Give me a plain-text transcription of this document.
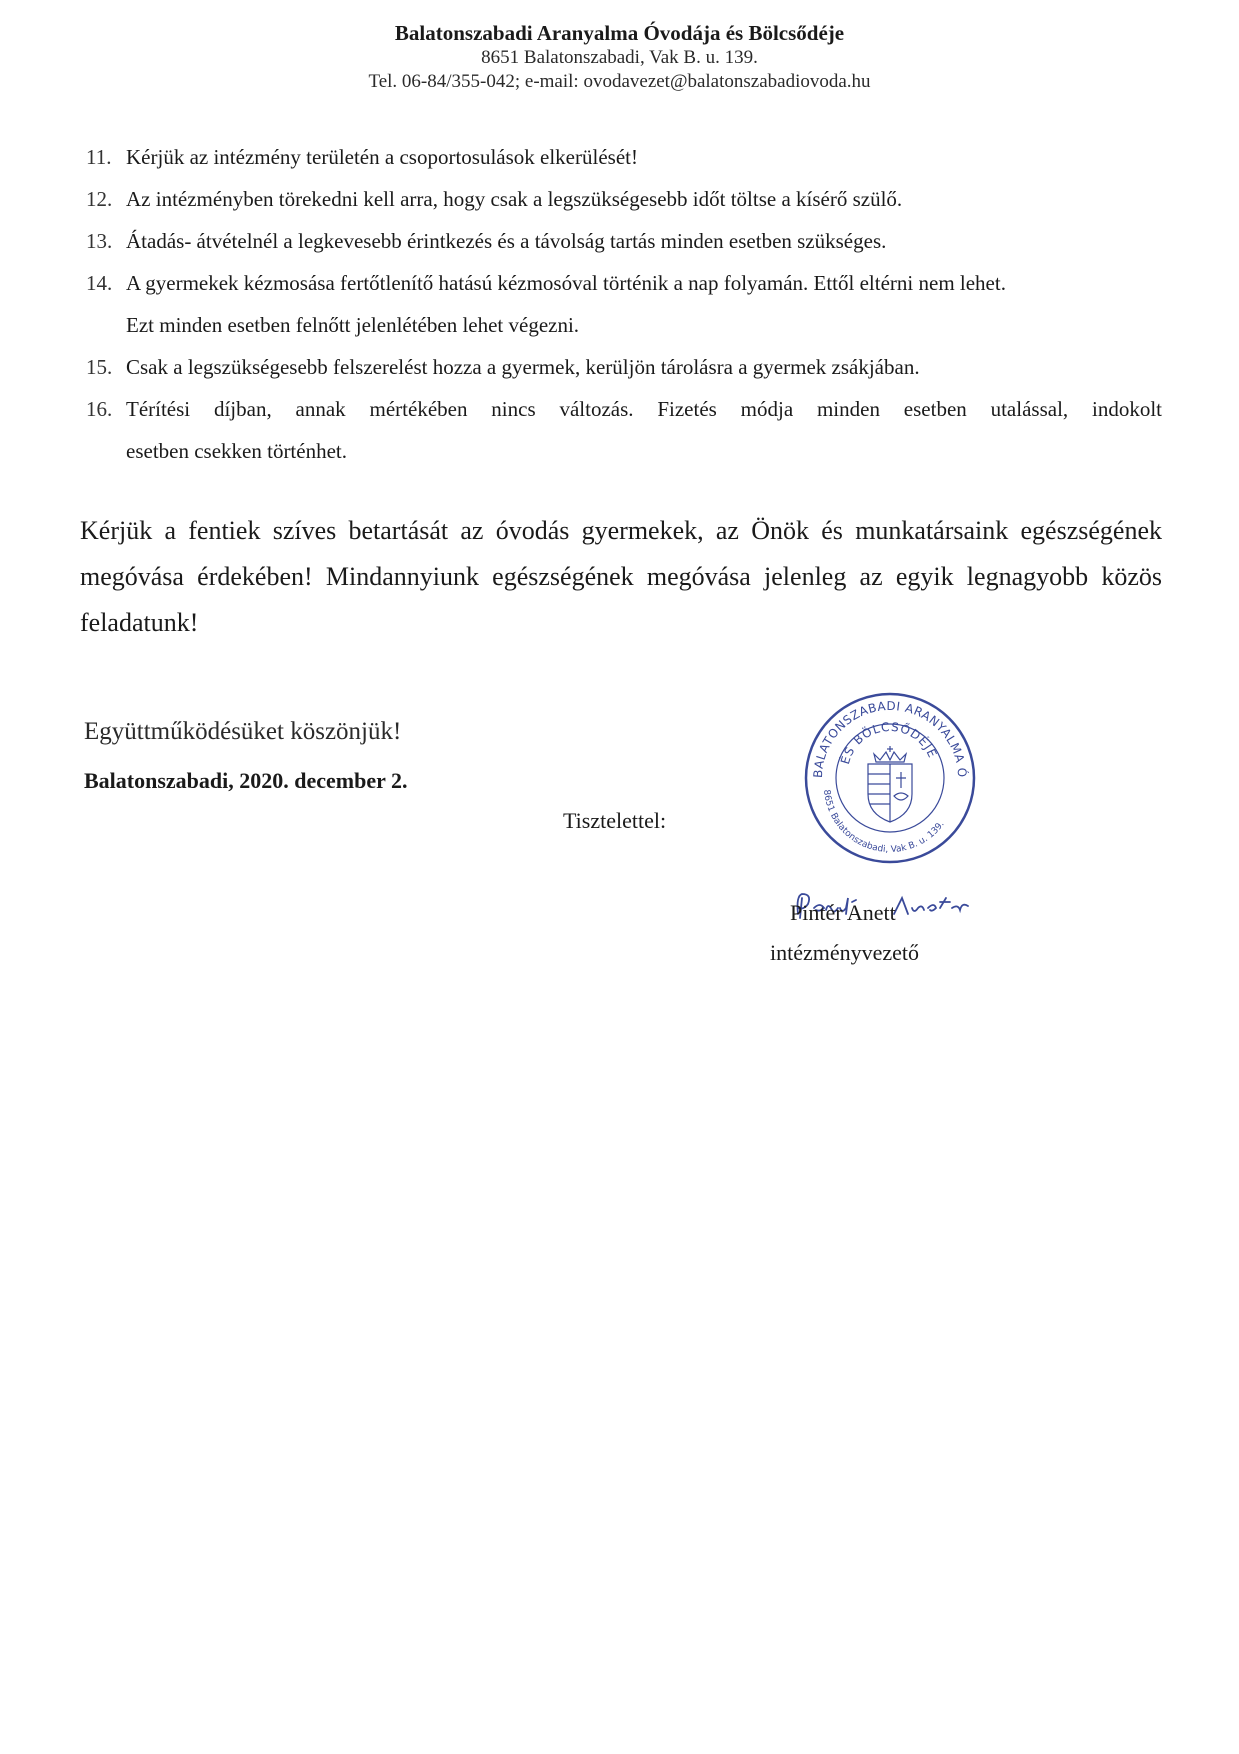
Balatonszabadi Aranyalma Óvodája és Bölcsődéje
8651 Balatonszabadi, Vak B. u. 139.
Tel. 06-84/355-042; e-mail: ovodavezet@balatonszabadiovoda.hu
11. Kérjük az intézmény területén a csoportosulások elkerülését!
12. Az intézményben törekedni kell arra, hogy csak a legszükségesebb időt töltse a kísérő szülő.
13. Átadás- átvételnél a legkevesebb érintkezés és a távolság tartás minden esetben szükséges.
14. A gyermekek kézmosása fertőtlenítő hatású kézmosóval történik a nap folyamán. Ettől eltérni nem lehet.
Ezt minden esetben felnőtt jelenlétében lehet végezni.
15. Csak a legszükségesebb felszerelést hozza a gyermek, kerüljön tárolásra a gyermek zsákjában.
16. Térítési díjban, annak mértékében nincs változás. Fizetés módja minden esetben utalással, indokolt
esetben csekken történhet.
Kérjük a fentiek szíves betartását az óvodás gyermekek, az Önök és munkatársaink egészségének megóvása érdekében! Mindannyiunk egészségének megóvása jelenleg az egyik legnagyobb közös feladatunk!
Együttműködésüket köszönjük!
Balatonszabadi, 2020. december 2.
Tisztelettel:
BALATONSZABADI ARANYALMA Ó
ÉS BÖLCSŐDÉJE
8651 Balatonszabadi, Vak B. u. 139.
Pintér Anett
Pintér Anett
intézményvezető
